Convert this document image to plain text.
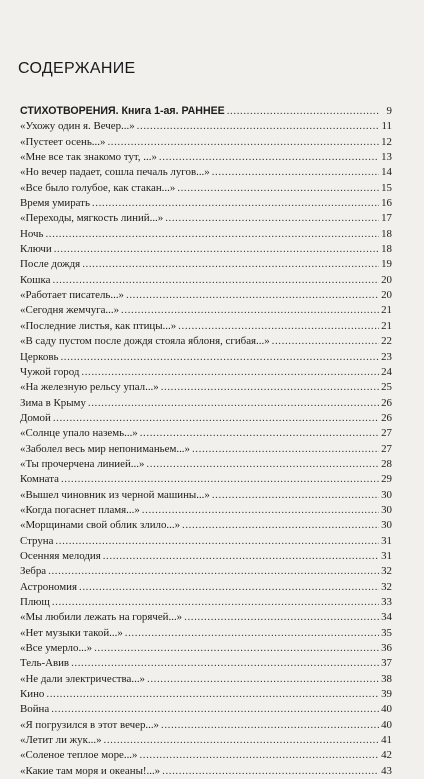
СОДЕРЖАНИЕ
СТИХОТВОРЕНИЯ. Книга 1-ая. РАННЕЕ .....	9
«Ухожу один я. Вечер...» .....	11
«Пустеет осень...» .....	12
«Мне все так знакомо тут, ...» .....	13
«Но вечер падает, сошла печаль лугов...» .....	14
«Все было голубое, как стакан...» .....	15
Время умирать .....	16
«Переходы, мягкость линий...» .....	17
Ночь .....	18
Ключи .....	18
После дождя .....	19
Кошка .....	20
«Работает писатель...» .....	20
«Сегодня жемчуга...» .....	21
«Последние листья, как птицы...» .....	21
«В саду пустом после дождя стояла яблоня, сгибая...» .....	22
Церковь .....	23
Чужой город .....	24
«На железную рельсу упал...» .....	25
Зима в Крыму .....	26
Домой .....	26
«Солнце упало наземь...» .....	27
«Заболел весь мир непониманьем...» .....	27
«Ты прочерчена линией...» .....	28
Комната .....	29
«Вышел чиновник из черной машины...» .....	30
«Когда погаснет пламя...» .....	30
«Морщинами свой облик злило...» .....	30
Струна .....	31
Осенняя мелодия .....	31
Зебра .....	32
Астрономия .....	32
Плющ .....	33
«Мы любили лежать на горячей...» .....	34
«Нет музыки такой...» .....	35
«Все умерло...» .....	36
Тель-Авив .....	37
«Не дали электричества...» .....	38
Кино .....	39
Война .....	40
«Я погрузился в этот вечер...» .....	40
«Летит ли жук...» .....	41
«Соленое теплое море...» .....	42
«Какие там моря и океаны!...» .....	43
